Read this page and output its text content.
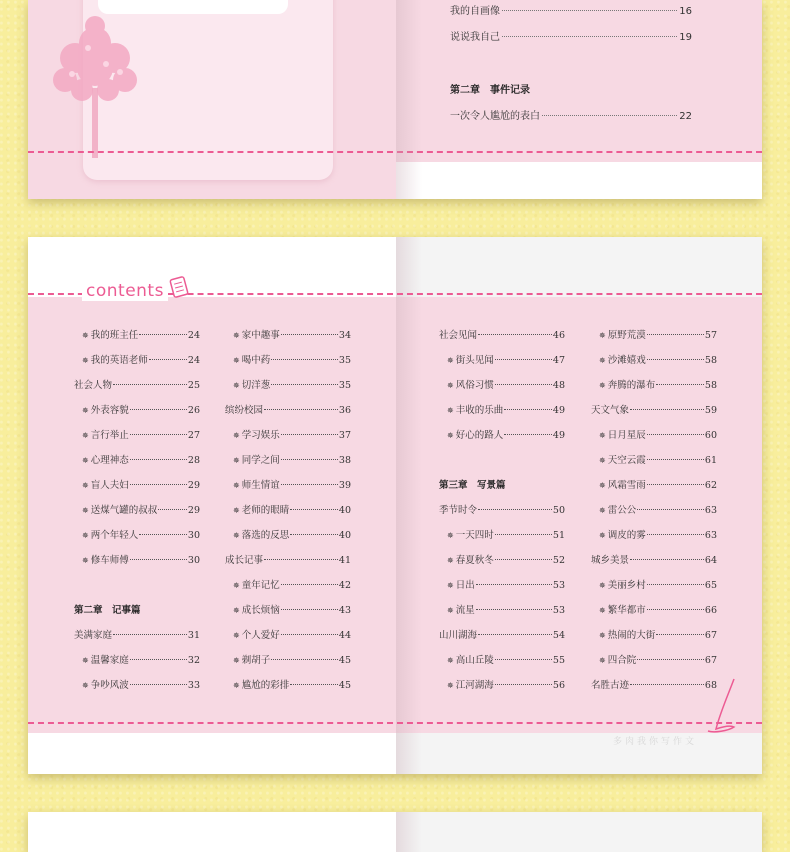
我的自画像	16
说说我自己	19
第二章　事件记录
一次令人尴尬的表白	22
contents
多肉我你写作文
✵ 我的班主任	24
✵ 我的英语老师	24
社会人物	25
✵ 外表容貌	26
✵ 言行举止	27
✵ 心理神态	28
✵ 盲人夫妇	29
✵ 送煤气罐的叔叔	29
✵ 两个年轻人	30
✵ 修车师傅	30
第二章　记事篇
美满家庭	31
✵ 温馨家庭	32
✵ 争吵风波	33
✵ 家中趣事	34
✵ 喝中药	35
✵ 切洋葱	35
缤纷校园	36
✵ 学习娱乐	37
✵ 同学之间	38
✵ 师生情谊	39
✵ 老师的眼睛	40
✵ 落选的反思	40
成长记事	41
✵ 童年记忆	42
✵ 成长烦恼	43
✵ 个人爱好	44
✵ 剃胡子	45
✵ 尴尬的彩排	45
社会见闻	46
✵ 街头见闻	47
✵ 风俗习惯	48
✵ 丰收的乐曲	49
✵ 好心的路人	49
第三章　写景篇
季节时令	50
✵ 一天四时	51
✵ 春夏秋冬	52
✵ 日出	53
✵ 流星	53
山川湖海	54
✵ 高山丘陵	55
✵ 江河湖海	56
✵ 原野荒漠	57
✵ 沙滩嬉戏	58
✵ 奔腾的瀑布	58
天文气象	59
✵ 日月星辰	60
✵ 天空云霞	61
✵ 风霜雪雨	62
✵ 雷公公	63
✵ 调皮的雾	63
城乡美景	64
✵ 美丽乡村	65
✵ 繁华都市	66
✵ 热闹的大街	67
✵ 四合院	67
名胜古迹	68
